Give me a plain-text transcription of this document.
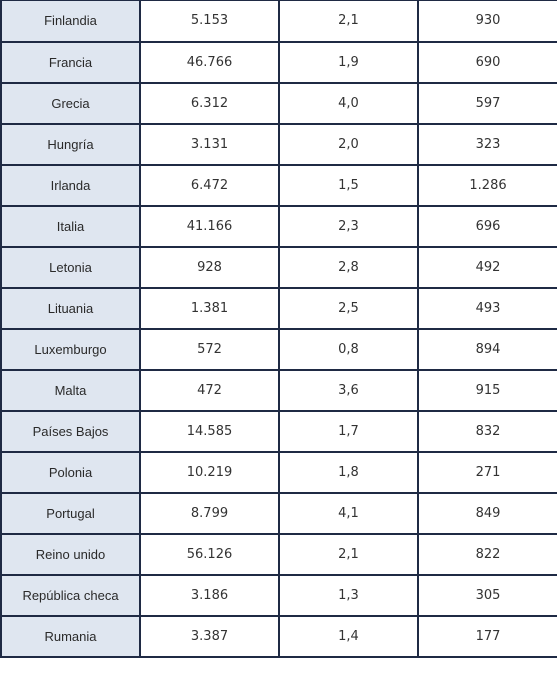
Finlandia	5.153	2,1	930
Francia	46.766	1,9	690
Grecia	6.312	4,0	597
Hungría	3.131	2,0	323
Irlanda	6.472	1,5	1.286
Italia	41.166	2,3	696
Letonia	928	2,8	492
Lituania	1.381	2,5	493
Luxemburgo	572	0,8	894
Malta	472	3,6	915
Países Bajos	14.585	1,7	832
Polonia	10.219	1,8	271
Portugal	8.799	4,1	849
Reino unido	56.126	2,1	822
República checa	3.186	1,3	305
Rumania	3.387	1,4	177
